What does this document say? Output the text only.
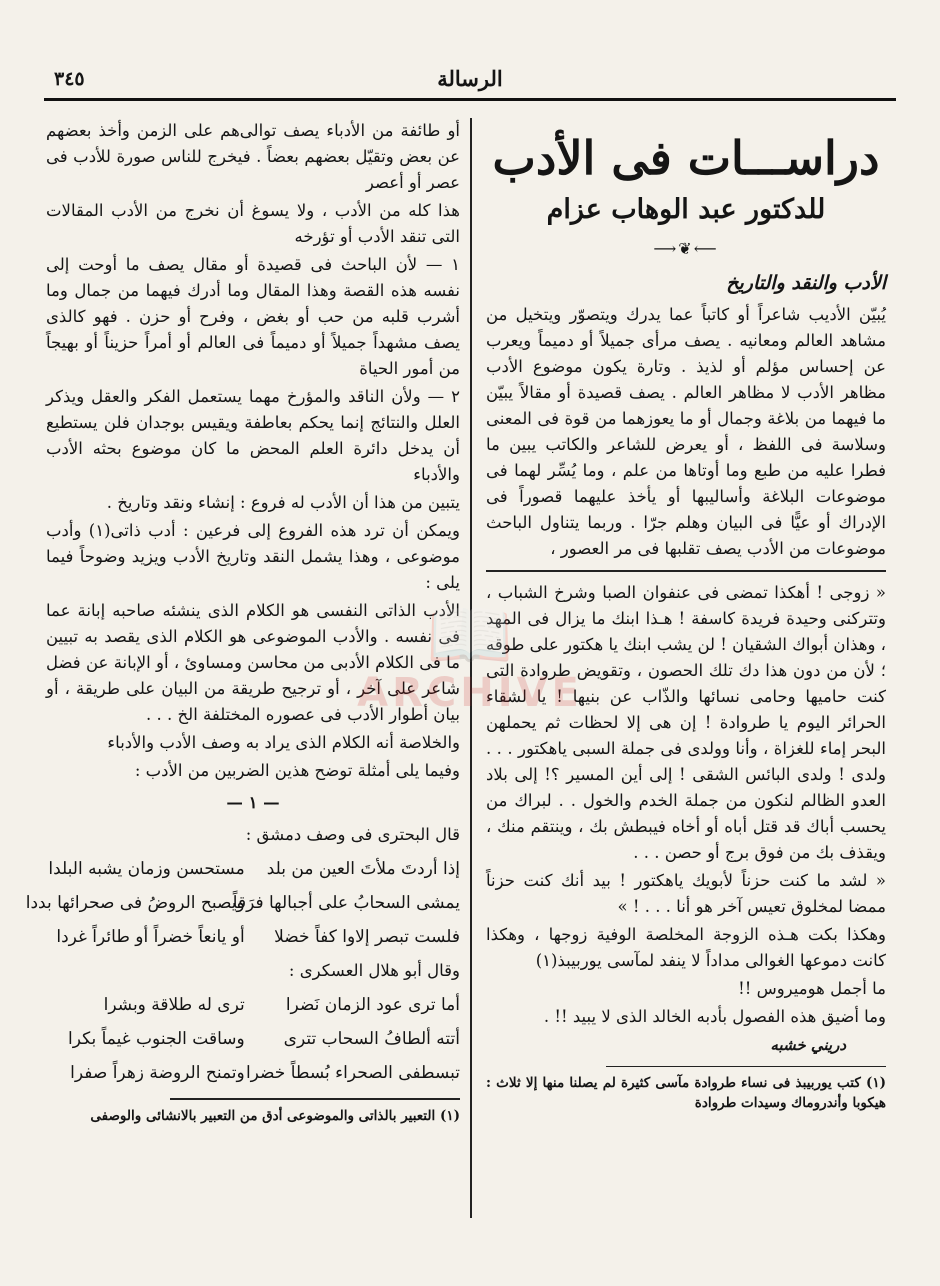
٣٤٥	الرسالة
دراســـات فى الأدب
للدكتور عبد الوهاب عزام
⟵❦⟶
الأدب والنقد والتاريخ

يُبيّن الأديب شاعراً أو كاتباً عما يدرك ويتصوّر ويتخيل من مشاهد العالم ومعانيه . يصف مرأى جميلاً أو دميماً ويعرب عن إحساس مؤلم أو لذيذ . وتارة يكون موضوع الأدب مظاهر الأدب لا مظاهر العالم . يصف قصيدة أو مقالاً يبيّن ما فيهما من بلاغة وجمال أو ما يعوزهما من قوة فى المعنى وسلاسة فى اللفظ ، أو يعرض للشاعر والكاتب يبين ما فطرا عليه من طبع وما أوتاها من علم ، وما يُسِّر لهما فى موضوعات البلاغة وأساليبها أو يأخذ عليهما قصوراً فى الإدراك أو عيًّا فى البيان وهلم جرّا . وربما يتناول الباحث موضوعات من الأدب يصف تقلبها فى مر العصور ،

« زوجى ! أهكذا تمضى فى عنفوان الصبا وشرخ الشباب ، وتتركنى وحيدة فريدة كاسفة ! هـذا ابنك ما يزال فى المهد ، وهذان أبواك الشقيان ! لن يشب ابنك يا هكتور على طوقه ؛ لأن من دون هذا دك تلك الحصون ، وتقويض طروادة التى كنت حاميها وحامى نسائها والذّاب عن بنيها ! يا لشقاء الحرائر اليوم يا طروادة ! إن هى إلا لحظات ثم يحملهن البحر إماء للغزاة ، وأنا وولدى فى جملة السبى ياهكتور . . . ولدى ! ولدى البائس الشقى ! إلى أين المسير ؟! إلى بلاد العدو الظالم لنكون من جملة الخدم والخول . . لبراك من يحسب أباك قد قتل أباه أو أخاه فيبطش بك ، وينتقم منك ، ويقذف بك من فوق برج أو حصن . . .

« لشد ما كنت حزناً لأبويك ياهكتور ! بيد أنك كنت حزناً ممضا لمخلوق تعيس آخر هو أنا . . . ! »

وهكذا بكت هـذه الزوجة المخلصة الوفية زوجها ، وهكذا كانت دموعها الغوالى مداداً لا ينفد لمآسى يوربيبذ(١)

ما أجمل هوميروس !!

وما أضيق هذه الفصول بأدبه الخالد الذى لا يبيد !! .

دريني خشبه
(١) كتب يوربيبذ فى نساء طروادة مآسى كثيرة لم يصلنا منها إلا ثلاث : هيكوبا وأندروماك وسيدات طروادة

أو طائفة من الأدباء يصف توالى‌هم على الزمن وأخذ بعضهم عن بعض وتقيّل بعضهم بعضاً . فيخرج للناس صورة للأدب فى عصر أو أعصر

هذا كله من الأدب ، ولا يسوغ أن نخرج من الأدب المقالات التى تنقد الأدب أو تؤرخه

١ — لأن الباحث فى قصيدة أو مقال يصف ما أوحت إلى نفسه هذه القصة وهذا المقال وما أدرك فيهما من جمال وما أشرب قلبه من حب أو بغض ، وفرح أو حزن . فهو كالذى يصف مشهداً جميلاً أو دميماً فى العالم أو أمراً حزيناً أو بهيجاً من أمور الحياة

٢ — ولأن الناقد والمؤرخ مهما يستعمل الفكر والعقل ويذكر العلل والنتائج إنما يحكم بعاطفة ويقيس بوجدان فلن يستطيع أن يدخل دائرة العلم المحض ما كان موضوع بحثه الأدب والأدباء

يتبين من هذا أن الأدب له فروع : إنشاء ونقد وتاريخ .

ويمكن أن ترد هذه الفروع إلى فرعين : أدب ذاتى(١) وأدب موضوعى ، وهذا يشمل النقد وتاريخ الأدب ويزيد وضوحاً فيما يلى :

الأدب الذاتى النفسى هو الكلام الذى ينشئه صاحبه إبانة عما فى نفسه . والأدب الموضوعى هو الكلام الذى يقصد به تبيين ما فى الكلام الأدبى من محاسن ومساوئ ، أو الإبانة عن فضل شاعر على آخر ، أو ترجيح طريقة من البيان على طريقة ، أو بيان أطوار الأدب فى عصوره المختلفة الخ . . .

والخلاصة أنه الكلام الذى يراد به وصف الأدب والأدباء

وفيما يلى أمثلة توضح هذين الضربين من الأدب :

— ١ —

قال البحترى فى وصف دمشق :

إذا أردتَ ملأتَ العين من بلد
مستحسن وزمان يشبه البلدا
يمشى السحابُ على أجبالها فرَقاً
ويصبح الروضُ فى صحرائها بددا
فلست تبصر إلاوا كفاً خضلا
أو يانعاً خضراً أو طائراً غردا

وقال أبو هلال العسكرى :

أما ترى عود الزمان نَضرا
ترى له طلاقة وبشرا
أتته ألطافُ السحاب تترى
وساقت الجنوب غيماً بكرا
تبسطفى الصحراء بُسطاً خضرا
وتمنح الروضة زهراً صفرا
(١) التعبير بالذاتى والموضوعى أدق من التعبير بالانشائى والوصفى
📖
ARCHIVE
